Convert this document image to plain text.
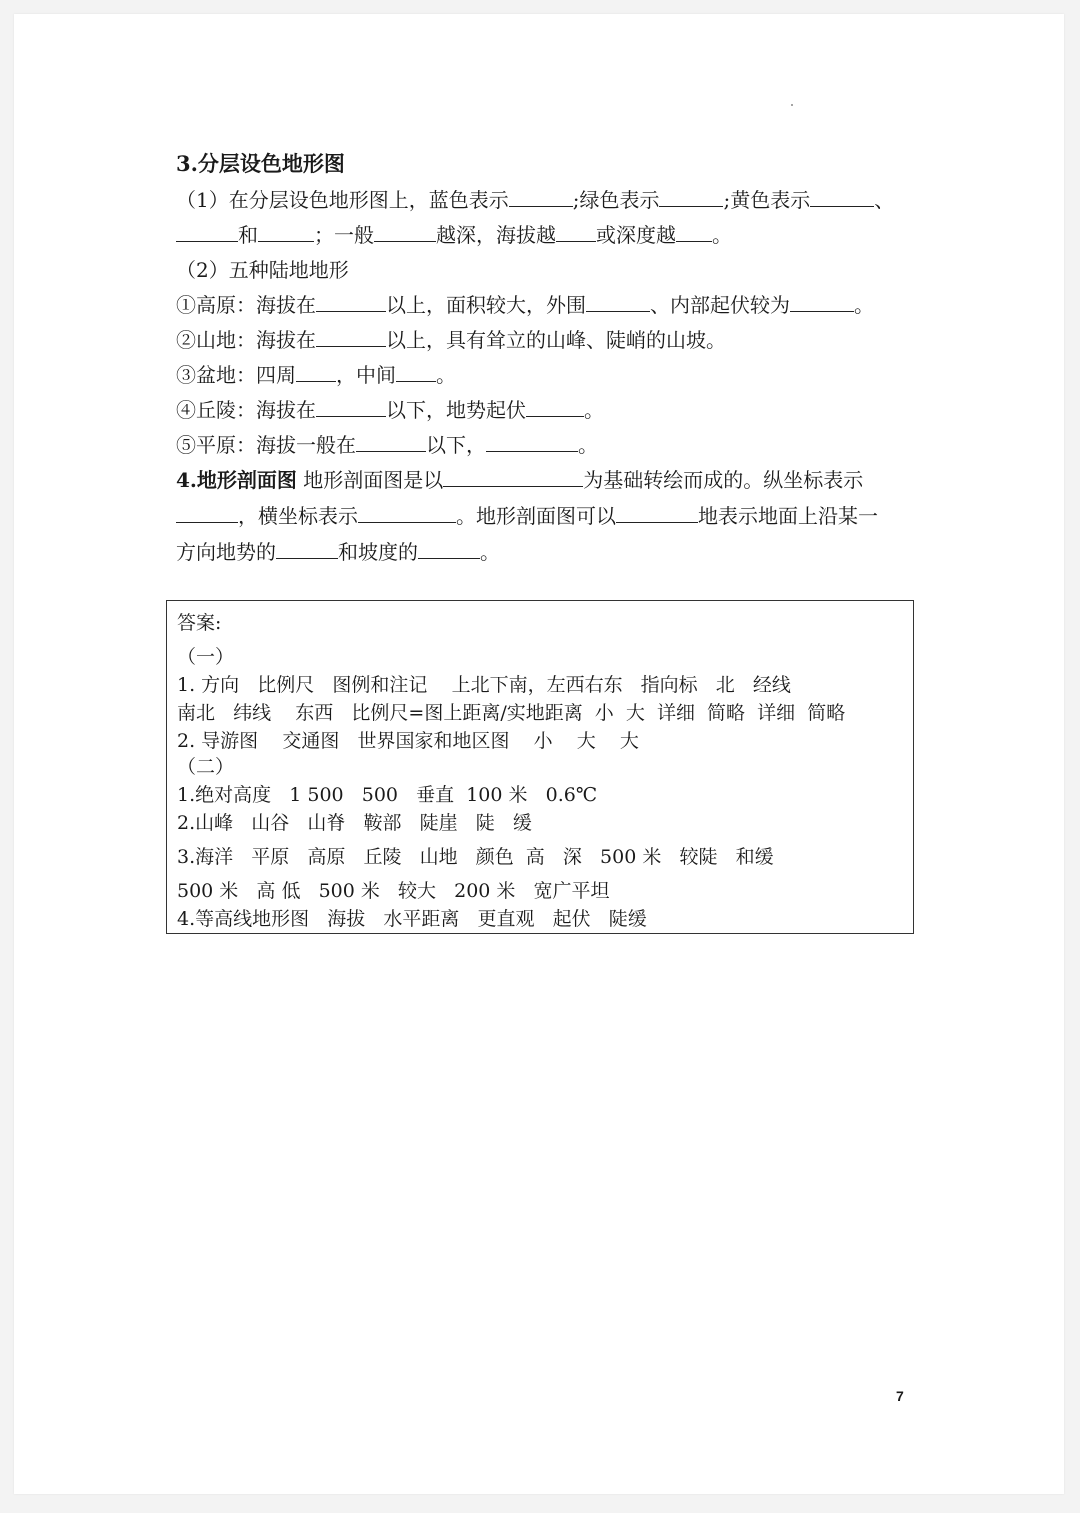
3.分层设色地形图
（1）在分层设色地形图上，蓝色表示	;绿色表示	;黄色表示	、
和	；一般	越深，海拔越 或深度越 。
（2）五种陆地地形
①高原：海拔在	以上，面积较大，外围	、内部起伏较为	。
②山地：海拔在	以上，具有耸立的山峰、陡峭的山坡。
③盆地：四周 ，中间 。
④丘陵：海拔在	以下，地势起伏	。
⑤平原：海拔一般在	以下，	。
4.地形剖面图 地形剖面图是以	为基础转绘而成的。纵坐标表示
，横坐标表示	。地形剖面图可以	地表示地面上沿某一
方向地势的	和坡度的	。
答案:
（一）
1. 方向   比例尺   图例和注记    上北下南，左西右东   指向标   北   经线
南北   纬线    东西   比例尺=图上距离/实地距离  小  大  详细  简略  详细  简略
2. 导游图    交通图   世界国家和地区图    小    大    大
（二）
1.绝对高度   1 500   500   垂直  100 米   0.6℃
2.山峰   山谷   山脊   鞍部   陡崖   陡   缓
3.海洋   平原   高原   丘陵   山地   颜色  高   深   500 米   较陡   和缓
500 米   高 低   500 米   较大   200 米   宽广平坦
4.等高线地形图   海拔   水平距离   更直观   起伏   陡缓
7
